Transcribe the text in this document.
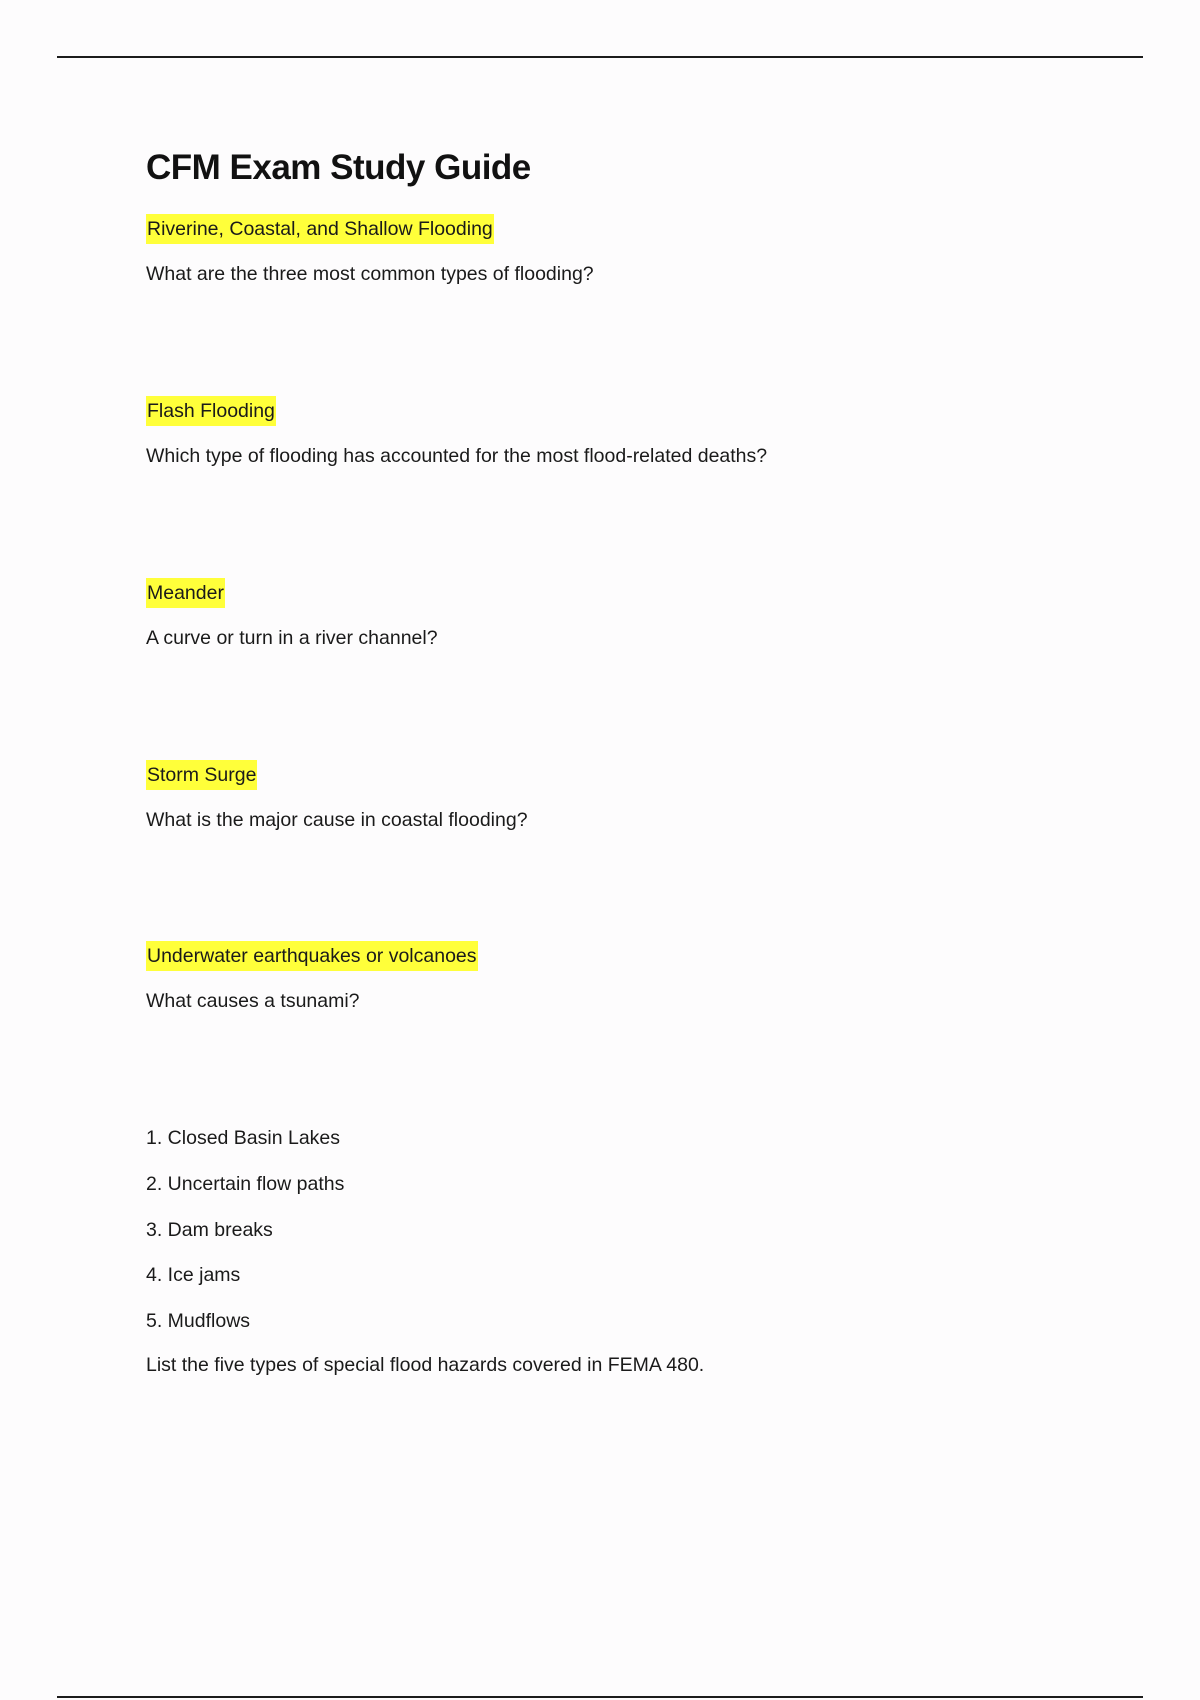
CFM Exam Study Guide
Riverine, Coastal, and Shallow Flooding
What are the three most common types of flooding?
Flash Flooding
Which type of flooding has accounted for the most flood-related deaths?
Meander
A curve or turn in a river channel?
Storm Surge
What is the major cause in coastal flooding?
Underwater earthquakes or volcanoes
What causes a tsunami?
1. Closed Basin Lakes
2. Uncertain flow paths
3. Dam breaks
4. Ice jams
5. Mudflows
List the five types of special flood hazards covered in FEMA 480.
